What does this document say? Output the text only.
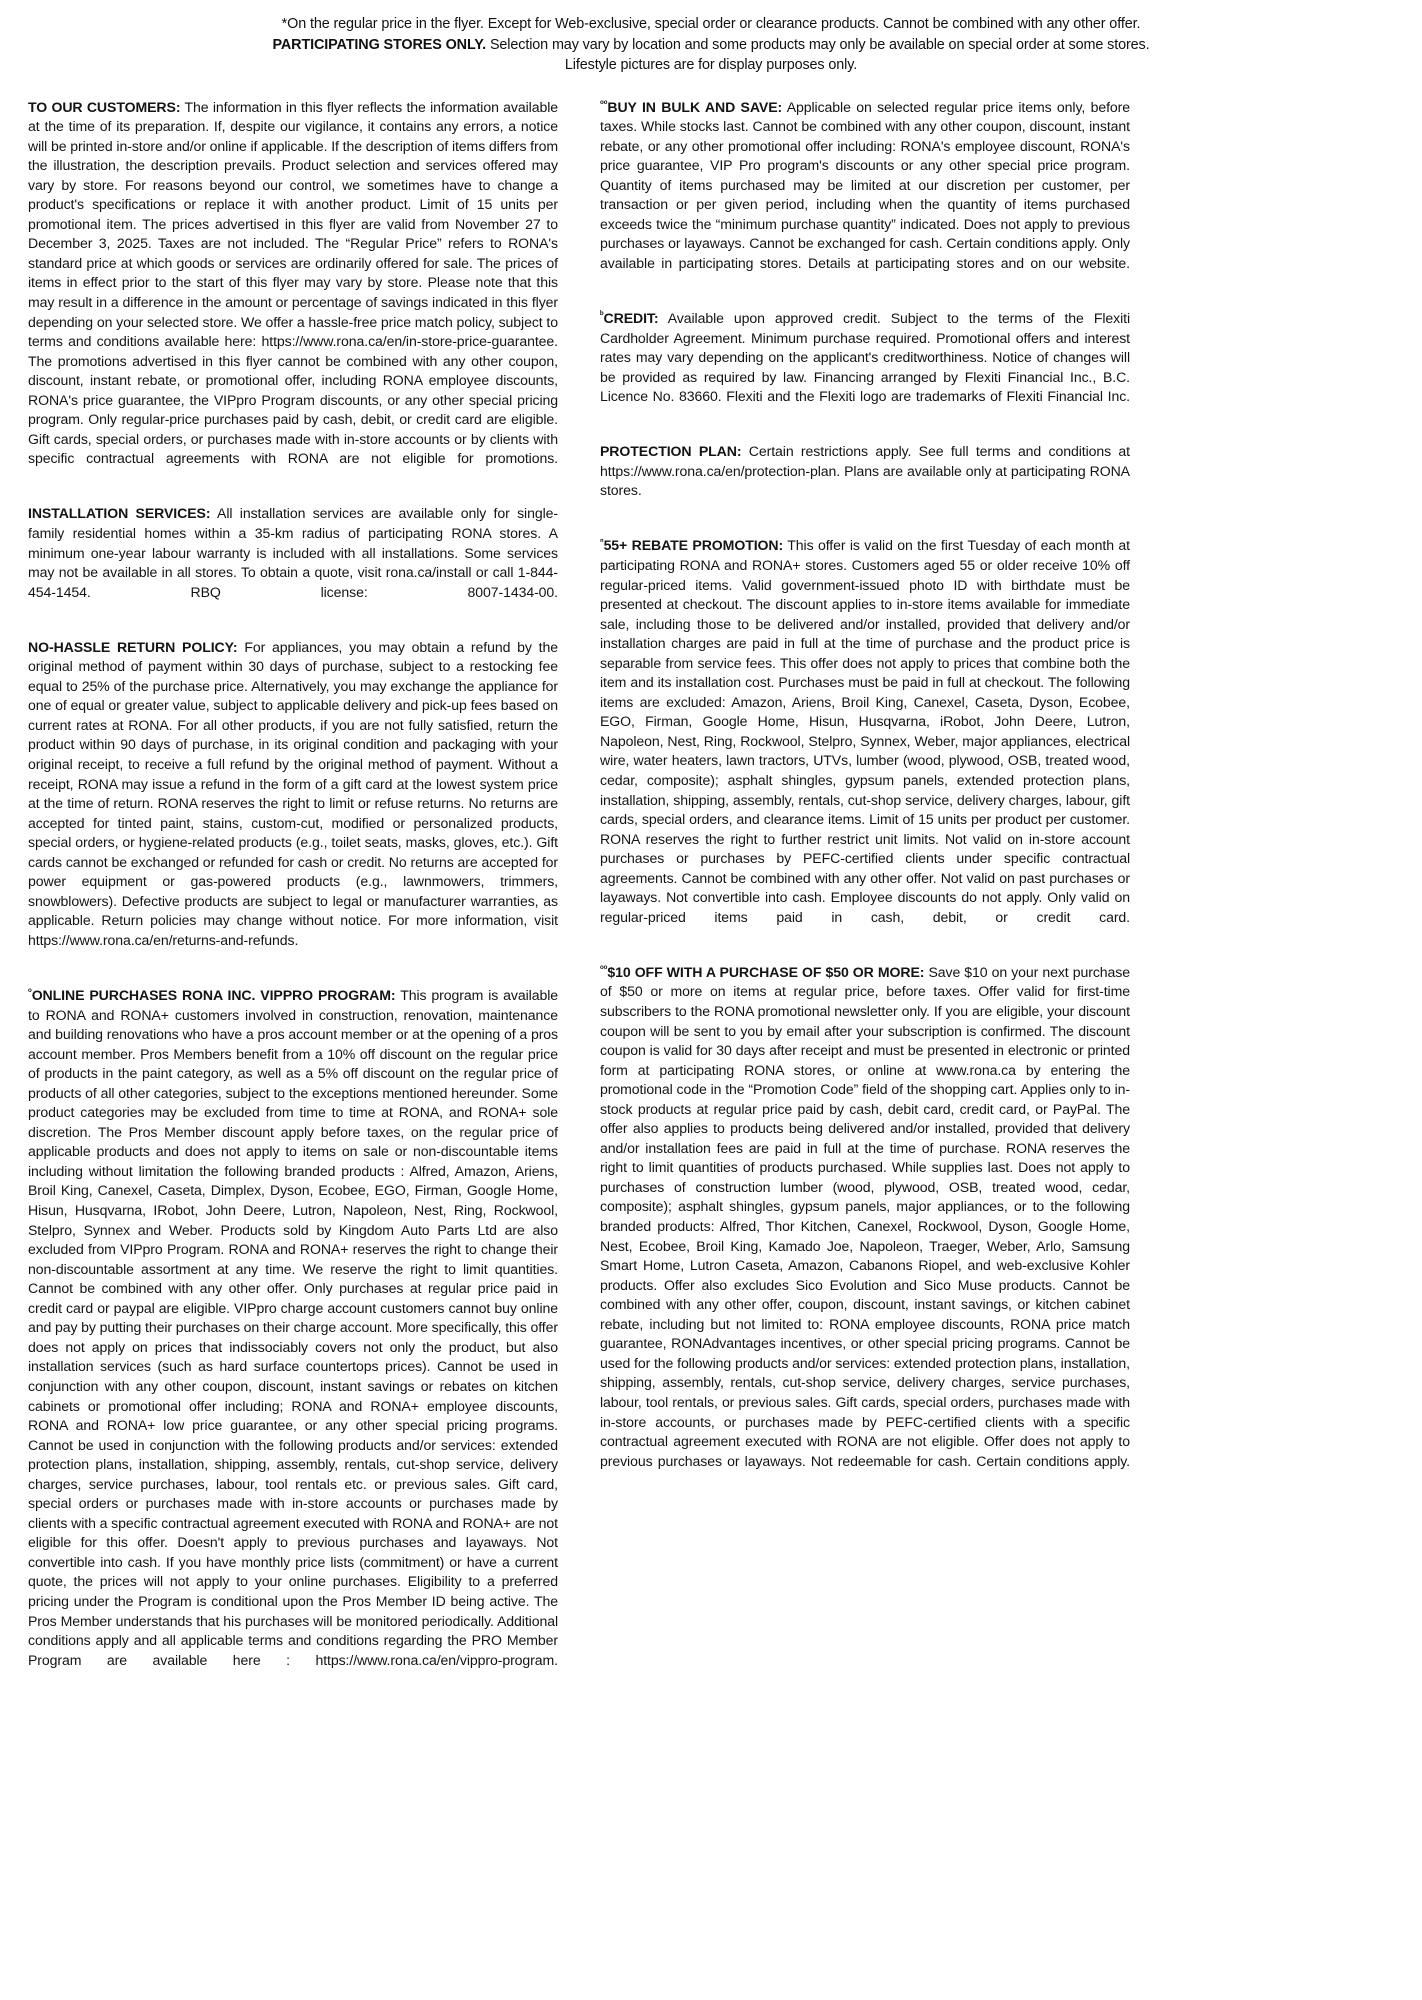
*On the regular price in the flyer. Except for Web-exclusive, special order or clearance products. Cannot be combined with any other offer.
PARTICIPATING STORES ONLY. Selection may vary by location and some products may only be available on special order at some stores.
Lifestyle pictures are for display purposes only.

TO OUR CUSTOMERS: The information in this flyer reflects the information available at the time of its preparation. If, despite our vigilance, it contains any errors, a notice will be printed in-store and/or online if applicable. If the description of items differs from the illustration, the description prevails. Product selection and services offered may vary by store. For reasons beyond our control, we sometimes have to change a product's specifications or replace it with another product. Limit of 15 units per promotional item. The prices advertised in this flyer are valid from November 27 to December 3, 2025. Taxes are not included. The “Regular Price” refers to RONA's standard price at which goods or services are ordinarily offered for sale. The prices of items in effect prior to the start of this flyer may vary by store. Please note that this may result in a difference in the amount or percentage of savings indicated in this flyer depending on your selected store. We offer a hassle-free price match policy, subject to terms and conditions available here: https://www.rona.ca/en/in-store-price-guarantee. The promotions advertised in this flyer cannot be combined with any other coupon, discount, instant rebate, or promotional offer, including RONA employee discounts, RONA's price guarantee, the VIPpro Program discounts, or any other special pricing program. Only regular-price purchases paid by cash, debit, or credit card are eligible. Gift cards, special orders, or purchases made with in-store accounts or by clients with specific contractual agreements with RONA are not eligible for promotions.

INSTALLATION SERVICES: All installation services are available only for single-family residential homes within a 35-km radius of participating RONA stores. A minimum one-year labour warranty is included with all installations. Some services may not be available in all stores. To obtain a quote, visit rona.ca/install or call 1-844-454-1454. RBQ license: 8007-1434-00.

NO-HASSLE RETURN POLICY: For appliances, you may obtain a refund by the original method of payment within 30 days of purchase, subject to a restocking fee equal to 25% of the purchase price. Alternatively, you may exchange the appliance for one of equal or greater value, subject to applicable delivery and pick-up fees based on current rates at RONA. For all other products, if you are not fully satisfied, return the product within 90 days of purchase, in its original condition and packaging with your original receipt, to receive a full refund by the original method of payment. Without a receipt, RONA may issue a refund in the form of a gift card at the lowest system price at the time of return. RONA reserves the right to limit or refuse returns. No returns are accepted for tinted paint, stains, custom-cut, modified or personalized products, special orders, or hygiene-related products (e.g., toilet seats, masks, gloves, etc.). Gift cards cannot be exchanged or refunded for cash or credit. No returns are accepted for power equipment or gas-powered products (e.g., lawnmowers, trimmers, snowblowers). Defective products are subject to legal or manufacturer warranties, as applicable. Return policies may change without notice. For more information, visit https://www.rona.ca/en/returns-and-refunds.

$^ᵒ$ONLINE PURCHASES RONA INC. VIPPRO PROGRAM: This program is available to RONA and RONA+ customers involved in construction, renovation, maintenance and building renovations who have a pros account member or at the opening of a pros account member. Pros Members benefit from a 10% off discount on the regular price of products in the paint category, as well as a 5% off discount on the regular price of products of all other categories, subject to the exceptions mentioned hereunder. Some product categories may be excluded from time to time at RONA, and RONA+ sole discretion. The Pros Member discount apply before taxes, on the regular price of applicable products and does not apply to items on sale or non-discountable items including without limitation the following branded products : Alfred, Amazon, Ariens, Broil King, Canexel, Caseta, Dimplex, Dyson, Ecobee, EGO, Firman, Google Home, Hisun, Husqvarna, IRobot, John Deere, Lutron, Napoleon, Nest, Ring, Rockwool, Stelpro, Synnex and Weber. Products sold by Kingdom Auto Parts Ltd are also excluded from VIPpro Program. RONA and RONA+ reserves the right to change their non-discountable assortment at any time. We reserve the right to limit quantities. Cannot be combined with any other offer. Only purchases at regular price paid in credit card or paypal are eligible. VIPpro charge account customers cannot buy online and pay by putting their purchases on their charge account. More specifically, this offer does not apply on prices that indissociably covers not only the product, but also installation services (such as hard surface countertops prices). Cannot be used in conjunction with any other coupon, discount, instant savings or rebates on kitchen cabinets or promotional offer including; RONA and RONA+ employee discounts, RONA and RONA+ low price guarantee, or any other special pricing programs. Cannot be used in conjunction with the following products and/or services: extended protection plans, installation, shipping, assembly, rentals, cut-shop service, delivery charges, service purchases, labour, tool rentals etc. or previous sales. Gift card, special orders or purchases made with in-store accounts or purchases made by clients with a specific contractual agreement executed with RONA and RONA+ are not eligible for this offer. Doesn't apply to previous purchases and layaways. Not convertible into cash. If you have monthly price lists (commitment) or have a current quote, the prices will not apply to your online purchases. Eligibility to a preferred pricing under the Program is conditional upon the Pros Member ID being active. The Pros Member understands that his purchases will be monitored periodically. Additional conditions apply and all applicable terms and conditions regarding the PRO Member Program are available here : https://www.rona.ca/en/vippro-program.

$^{ᵒᵒ}$BUY IN BULK AND SAVE: Applicable on selected regular price items only, before taxes. While stocks last. Cannot be combined with any other coupon, discount, instant rebate, or any other promotional offer including: RONA's employee discount, RONA's price guarantee, VIP Pro program's discounts or any other special price program. Quantity of items purchased may be limited at our discretion per customer, per transaction or per given period, including when the quantity of items purchased exceeds twice the “minimum purchase quantity” indicated. Does not apply to previous purchases or layaways. Cannot be exchanged for cash. Certain conditions apply. Only available in participating stores. Details at participating stores and on our website.

$^ᵇ$CREDIT: Available upon approved credit. Subject to the terms of the Flexiti Cardholder Agreement. Minimum purchase required. Promotional offers and interest rates may vary depending on the applicant's creditworthiness. Notice of changes will be provided as required by law. Financing arranged by Flexiti Financial Inc., B.C. Licence No. 83660. Flexiti and the Flexiti logo are trademarks of Flexiti Financial Inc.

PROTECTION PLAN: Certain restrictions apply. See full terms and conditions at https://www.rona.ca/en/protection-plan. Plans are available only at participating RONA stores.

$^{^n}$55+ REBATE PROMOTION: This offer is valid on the first Tuesday of each month at participating RONA and RONA+ stores. Customers aged 55 or older receive 10% off regular-priced items. Valid government-issued photo ID with birthdate must be presented at checkout. The discount applies to in-store items available for immediate sale, including those to be delivered and/or installed, provided that delivery and/or installation charges are paid in full at the time of purchase and the product price is separable from service fees. This offer does not apply to prices that combine both the item and its installation cost. Purchases must be paid in full at checkout. The following items are excluded: Amazon, Ariens, Broil King, Canexel, Caseta, Dyson, Ecobee, EGO, Firman, Google Home, Hisun, Husqvarna, iRobot, John Deere, Lutron, Napoleon, Nest, Ring, Rockwool, Stelpro, Synnex, Weber, major appliances, electrical wire, water heaters, lawn tractors, UTVs, lumber (wood, plywood, OSB, treated wood, cedar, composite); asphalt shingles, gypsum panels, extended protection plans, installation, shipping, assembly, rentals, cut-shop service, delivery charges, labour, gift cards, special orders, and clearance items. Limit of 15 units per product per customer. RONA reserves the right to further restrict unit limits. Not valid on in-store account purchases or purchases by PEFC-certified clients under specific contractual agreements. Cannot be combined with any other offer. Not valid on past purchases or layaways. Not convertible into cash. Employee discounts do not apply. Only valid on regular-priced items paid in cash, debit, or credit card.

$^{ᵒᵒ}$\$10 OFF WITH A PURCHASE OF $50 OR MORE: Save $10 on your next purchase of $50 or more on items at regular price, before taxes. Offer valid for first-time subscribers to the RONA promotional newsletter only. If you are eligible, your discount coupon will be sent to you by email after your subscription is confirmed. The discount coupon is valid for 30 days after receipt and must be presented in electronic or printed form at participating RONA stores, or online at www.rona.ca by entering the promotional code in the “Promotion Code” field of the shopping cart. Applies only to in-stock products at regular price paid by cash, debit card, credit card, or PayPal. The offer also applies to products being delivered and/or installed, provided that delivery and/or installation fees are paid in full at the time of purchase. RONA reserves the right to limit quantities of products purchased. While supplies last. Does not apply to purchases of construction lumber (wood, plywood, OSB, treated wood, cedar, composite); asphalt shingles, gypsum panels, major appliances, or to the following branded products: Alfred, Thor Kitchen, Canexel, Rockwool, Dyson, Google Home, Nest, Ecobee, Broil King, Kamado Joe, Napoleon, Traeger, Weber, Arlo, Samsung Smart Home, Lutron Caseta, Amazon, Cabanons Riopel, and web-exclusive Kohler products. Offer also excludes Sico Evolution and Sico Muse products. Cannot be combined with any other offer, coupon, discount, instant savings, or kitchen cabinet rebate, including but not limited to: RONA employee discounts, RONA price match guarantee, RONAdvantages incentives, or other special pricing programs. Cannot be used for the following products and/or services: extended protection plans, installation, shipping, assembly, rentals, cut-shop service, delivery charges, service purchases, labour, tool rentals, or previous sales. Gift cards, special orders, purchases made with in-store accounts, or purchases made by PEFC-certified clients with a specific contractual agreement executed with RONA are not eligible. Offer does not apply to previous purchases or layaways. Not redeemable for cash. Certain conditions apply.
